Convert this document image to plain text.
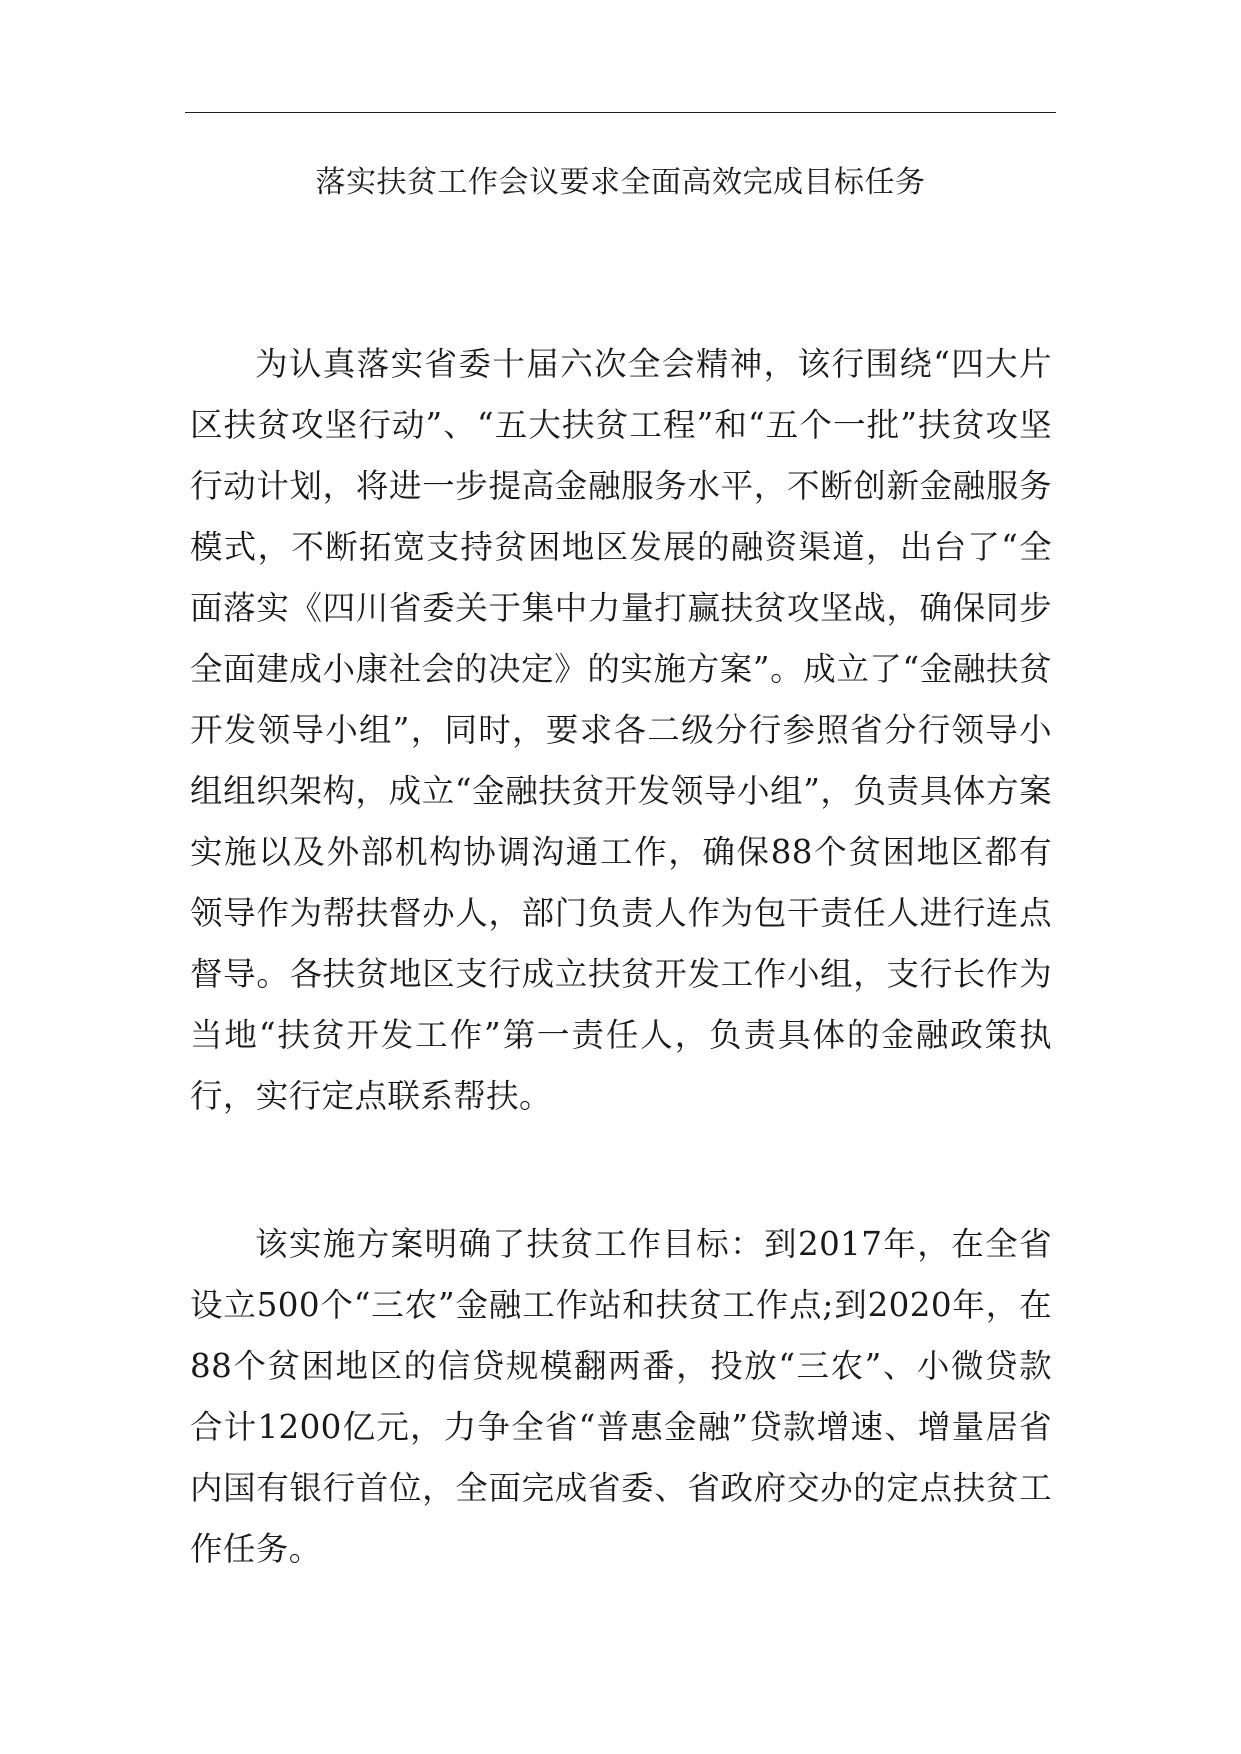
落实扶贫工作会议要求全面高效完成目标任务

为认真落实省委十届六次全会精神，该行围绕“四大片区扶贫攻坚行动”、“五大扶贫工程”和“五个一批”扶贫攻坚行动计划，将进一步提高金融服务水平，不断创新金融服务模式，不断拓宽支持贫困地区发展的融资渠道，出台了“全面落实《四川省委关于集中力量打赢扶贫攻坚战，确保同步全面建成小康社会的决定》的实施方案”。成立了“金融扶贫开发领导小组”，同时，要求各二级分行参照省分行领导小组组织架构，成立“金融扶贫开发领导小组”，负责具体方案实施以及外部机构协调沟通工作，确保88个贫困地区都有领导作为帮扶督办人，部门负责人作为包干责任人进行连点督导。各扶贫地区支行成立扶贫开发工作小组，支行长作为当地“扶贫开发工作”第一责任人，负责具体的金融政策执行，实行定点联系帮扶。

该实施方案明确了扶贫工作目标：到2017年，在全省设立500个“三农”金融工作站和扶贫工作点;到2020年，在88个贫困地区的信贷规模翻两番，投放“三农”、小微贷款合计1200亿元，力争全省“普惠金融”贷款增速、增量居省内国有银行首位，全面完成省委、省政府交办的定点扶贫工作任务。
